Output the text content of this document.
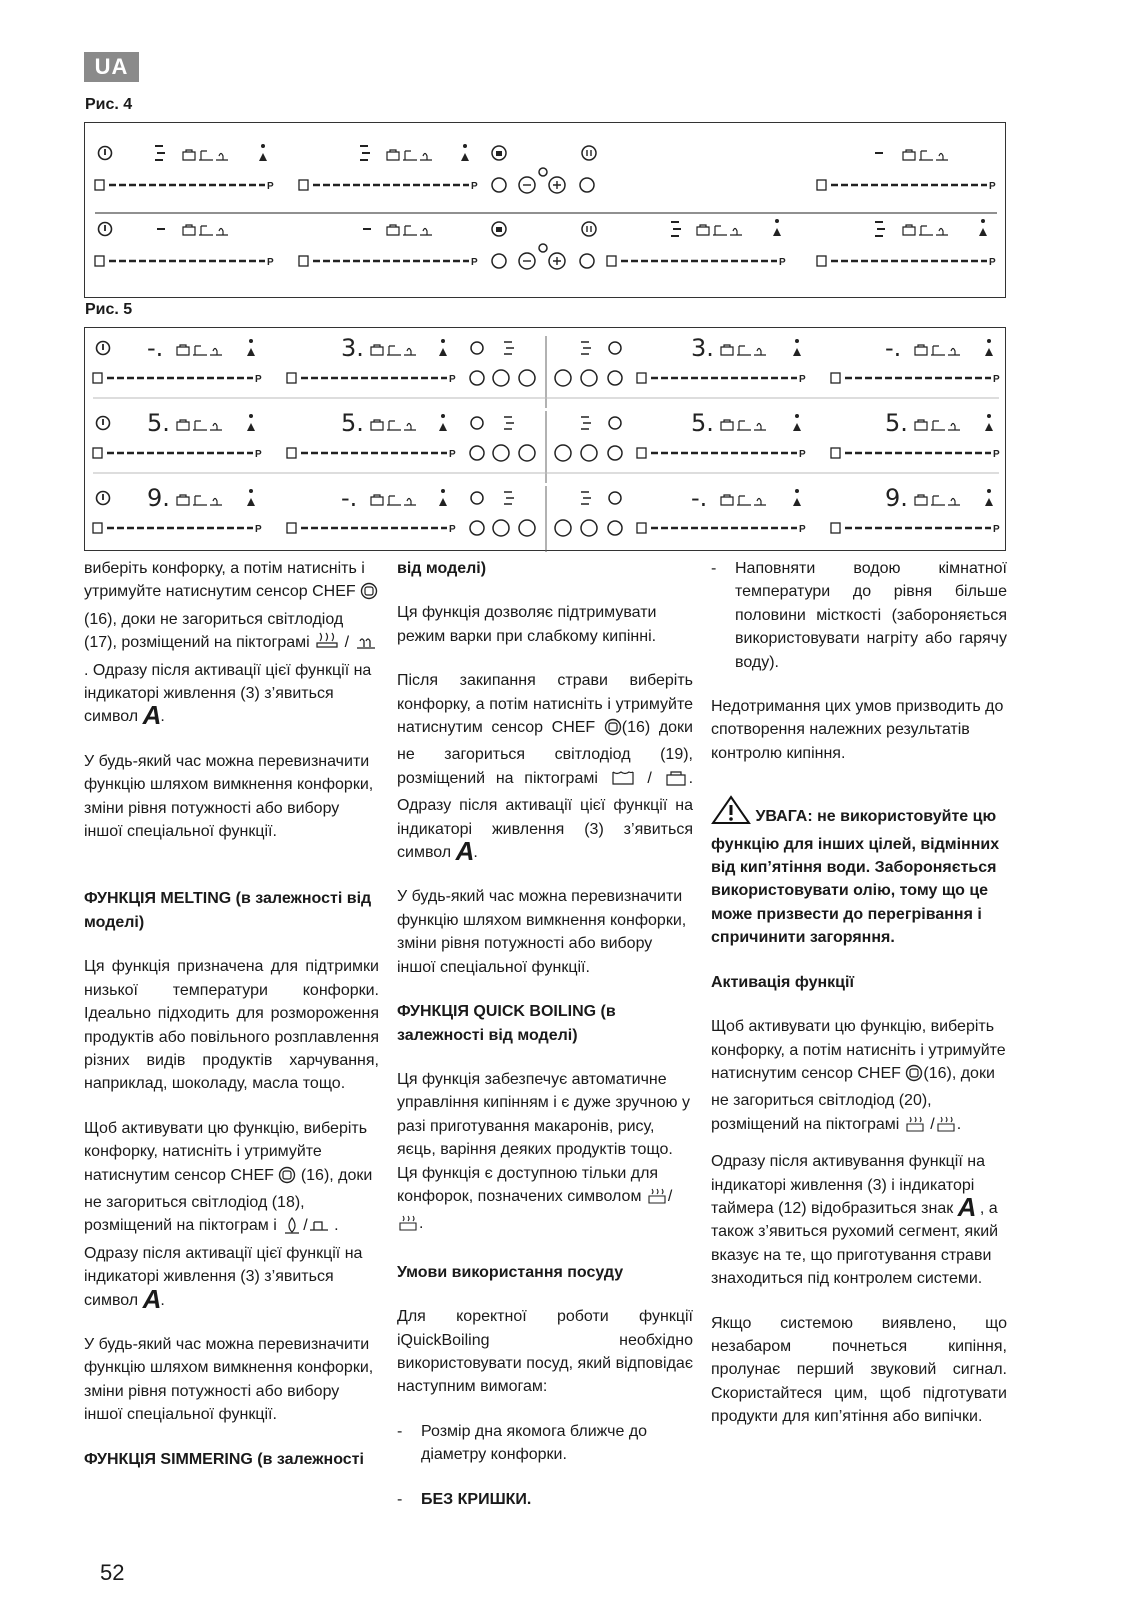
UA
Рис. 4
P	P	P
P	P	P	P
Рис. 5
-.	3.	3.	-.
P	P	P	P
5.	5.	5.	5.
P	P	P	P
9.	-.	-.	9.
P	P	P	P

виберіть конфорку, а потім натисніть і утримуйте натиснутим сенсор CHEF (16), доки не загориться світлодіод (17), розміщений на піктограмі / . Одразу після активації цієї функції на індикаторі живлення (3) з’явиться символ A.

У будь-який час можна перевизначити функцію шляхом вимкнення конфорки, зміни рівня потужності або вибору іншої спеціальної функції.

ФУНКЦІЯ MELTING (в залежності від моделі)

Ця функція призначена для підтримки низької температури конфорки. Ідеально підходить для розмороження продуктів або повільного розплавлення різних видів продуктів харчування, наприклад, шоколаду, масла тощо.

Щоб активувати цю функцію, виберіть конфорку, натисніть і утримуйте натиснутим сенсор CHEF (16), доки не загориться світлодіод (18), розміщений на піктограм і / . Одразу після активації цієї функції на індикаторі живлення (3) з’явиться символ A.

У будь-який час можна перевизначити функцію шляхом вимкнення конфорки, зміни рівня потужності або вибору іншої спеціальної функції.

ФУНКЦІЯ SIMMERING (в залежності
від моделі)

Ця функція дозволяє підтримувати режим варки при слабкому кипінні.

Після закипання страви виберіть конфорку, а потім натисніть і утримуйте натиснутим сенсор CHEF (16) доки не загориться світлодіод (19), розміщений на піктограмі	/ . Одразу після активації цієї функції на індикаторі живлення (3) з’явиться символ A.

У будь-який час можна перевизначити функцію шляхом вимкнення конфорки, зміни рівня потужності або вибору іншої спеціальної функції.

ФУНКЦІЯ QUICK BOILING (в залежності від моделі)

Ця функція забезпечує автоматичне управління кипінням і є дуже зручною у разі приготування макаронів, рису, яєць, варіння деяких продуктів тощо. Ця функція є доступною тільки для конфорок, позначених символом /.

Умови використання посуду

Для коректної роботи функції iQuickBoiling необхідно використовувати посуд, який відповідає наступним вимогам:

-	Розмір дна якомога ближче до діаметру конфорки.
-	БЕЗ КРИШКИ.
-	Наповняти водою кімнатної температури до рівня більше половини місткості (забороняється використовувати нагріту або гарячу воду).

Недотримання цих умов призводить до спотворення належних результатів контролю кипіння.

УВАГА: не використовуйте цю функцію для інших цілей, відмінних від кип’ятіння води. Забороняється використовувати олію, тому що це може призвести до перегрівання і спричинити загоряння.

Активація функції

Щоб активувати цю функцію, виберіть конфорку, а потім натисніть і утримуйте натиснутим сенсор CHEF (16), доки не загориться світлодіод (20), розміщений на піктограмі / .

Одразу після активування функції на індикаторі живлення (3) і індикаторі таймера (12) відобразиться знак A , а також з’явиться рухомий сегмент, який вказує на те, що приготування страви знаходиться під контролем системи.

Якщо системою виявлено, що незабаром почнеться кипіння, пролунає перший звуковий сигнал. Скористайтеся цим, щоб підготувати продукти для кип’ятіння або випічки.

52
